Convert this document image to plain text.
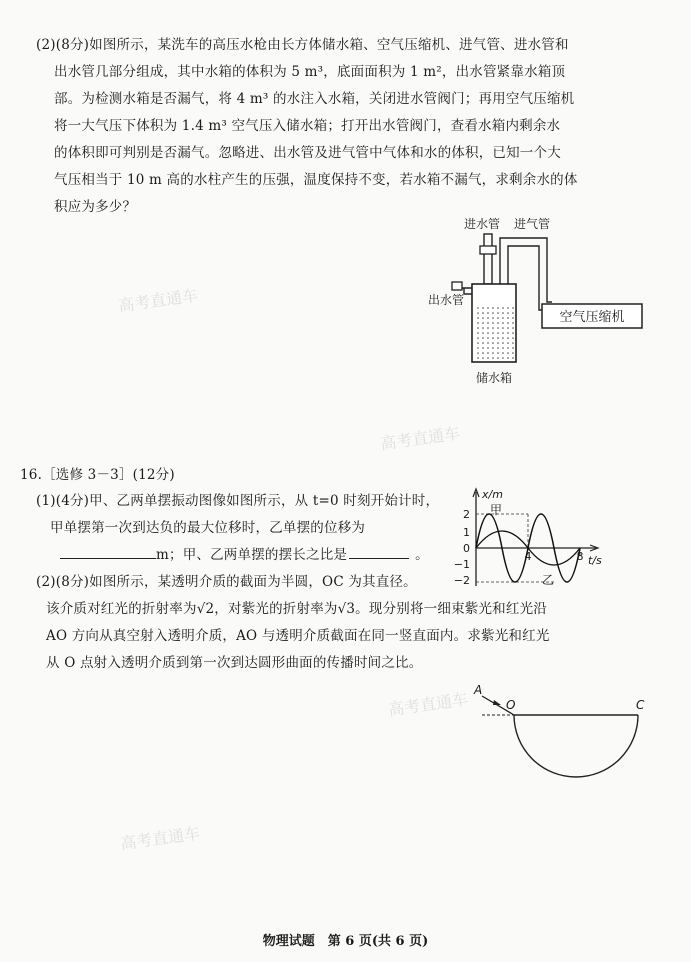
(2)(8分)如图所示，某洗车的高压水枪由长方体储水箱、空气压缩机、进气管、进水管和
出水管几部分组成，其中水箱的体积为 5 m³，底面面积为 1 m²，出水管紧靠水箱顶
部。为检测水箱是否漏气，将 4 m³ 的水注入水箱，关闭进水管阀门；再用空气压缩机
将一大气压下体积为 1.4 m³ 空气压入储水箱；打开出水管阀门，查看水箱内剩余水
的体积即可判别是否漏气。忽略进、出水管及进气管中气体和水的体积，已知一个大
气压相当于 10 m 高的水柱产生的压强，温度保持不变，若水箱不漏气，求剩余水的体
积应为多少？
空气压缩机
进水管 进气管
出水管
储水箱
高考直通车
高考直通车
高考直通车
高考直通车
16.［选修 3－3］(12分)
(1)(4分)甲、乙两单摆振动图像如图所示，从 t=0 时刻开始计时，
甲单摆第一次到达负的最大位移时，乙单摆的位移为
m；甲、乙两单摆的摆长之比是	。
(2)(8分)如图所示，某透明介质的截面为半圆，OC 为其直径。
x/m
t/s
2
1
0
−1
−2
4	8
甲
乙
该介质对红光的折射率为√2，对紫光的折射率为√3。现分别将一细束紫光和红光沿
AO 方向从真空射入透明介质，AO 与透明介质截面在同一竖直面内。求紫光和红光
从 O 点射入透明介质到第一次到达圆形曲面的传播时间之比。
A
O	C
物理试题　第 6 页(共 6 页)
